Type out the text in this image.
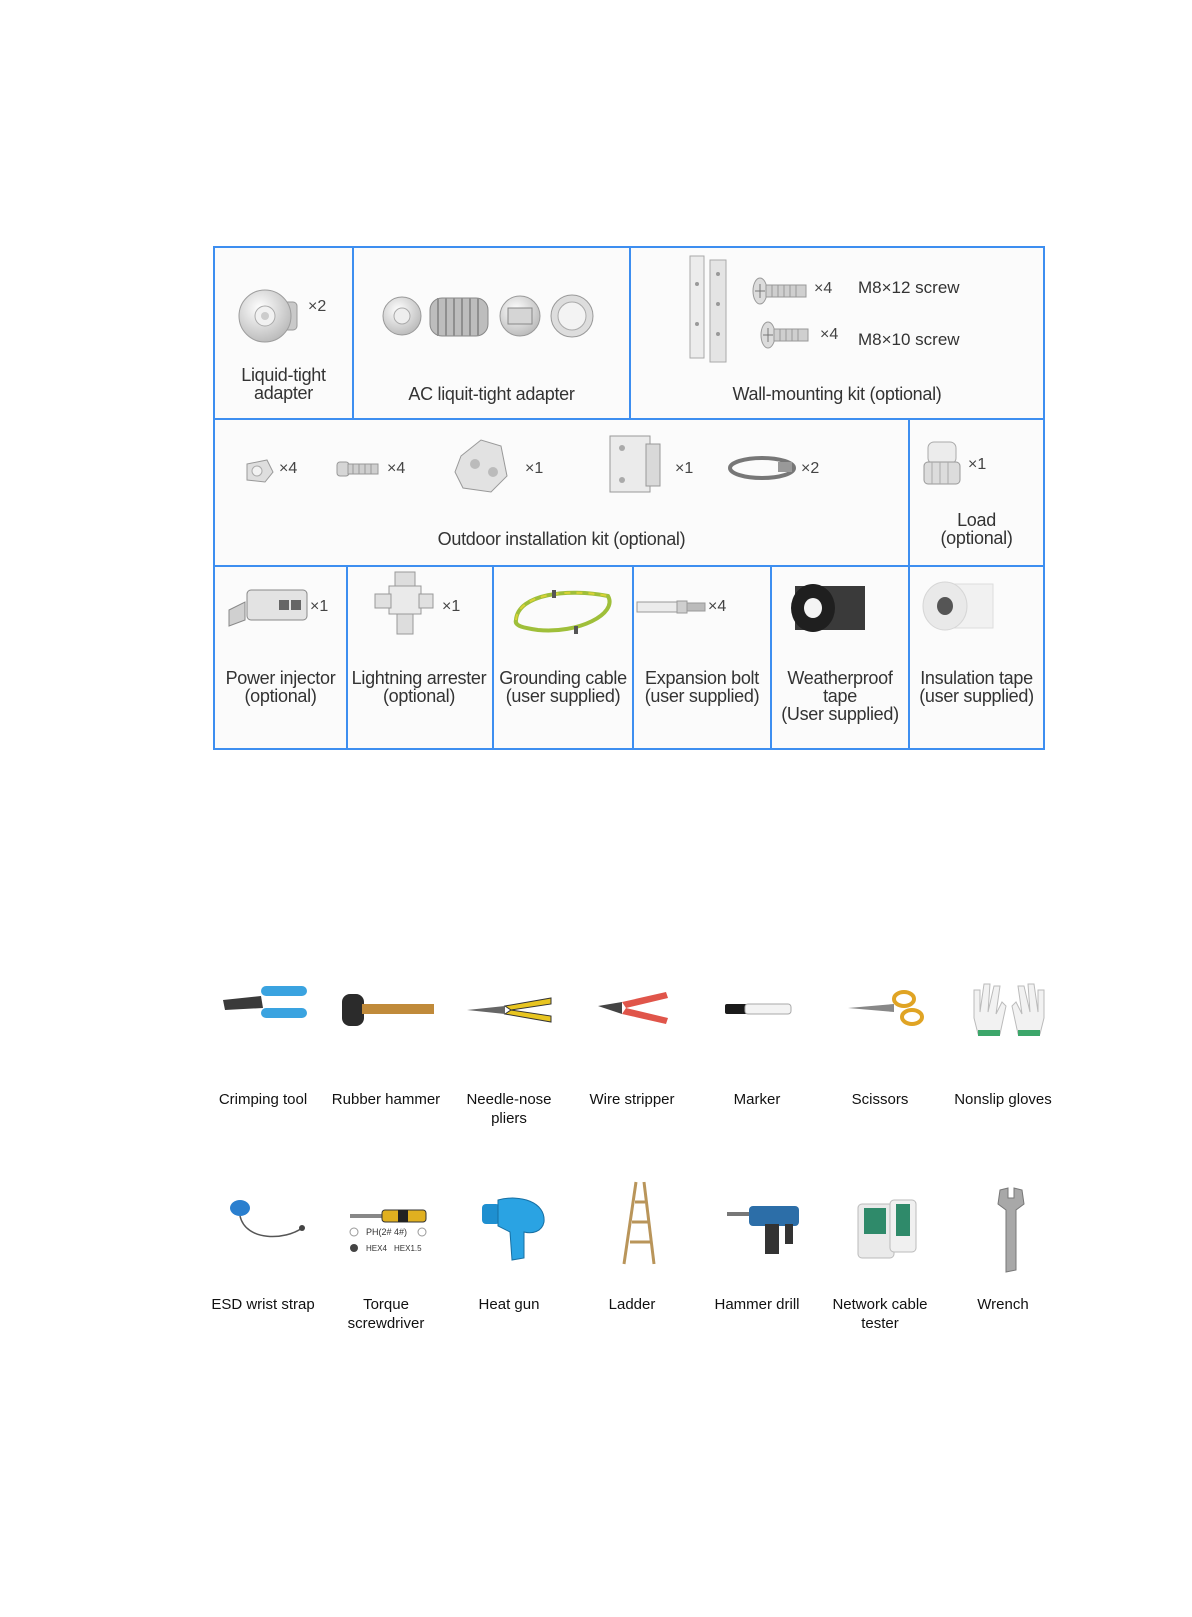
×2
Liquid-tight
adapter	AC liquit-tight adapter
×4 M8×12 screw
×4 M8×10 screw
Wall-mounting kit (optional)
×4	×4	×1	×1	×2
Outdoor installation kit (optional)
×1
Load
(optional)
×1
Power injector
(optional)
×1
Lightning arrester
(optional)
Grounding cable
(user supplied)
×4
Expansion bolt
(user supplied)
Weatherproof
tape
(User supplied)
Insulation tape
(user supplied)
Crimping tool	Rubber hammer	Needle-nose
pliers
Wire stripper	Marker	Scissors	Nonslip gloves
ESD wrist strap
PH(2# 4#)
HEX4 HEX1.5
Torque
screwdriver
Heat gun	Ladder	Hammer drill	Network cable
tester
Wrench
